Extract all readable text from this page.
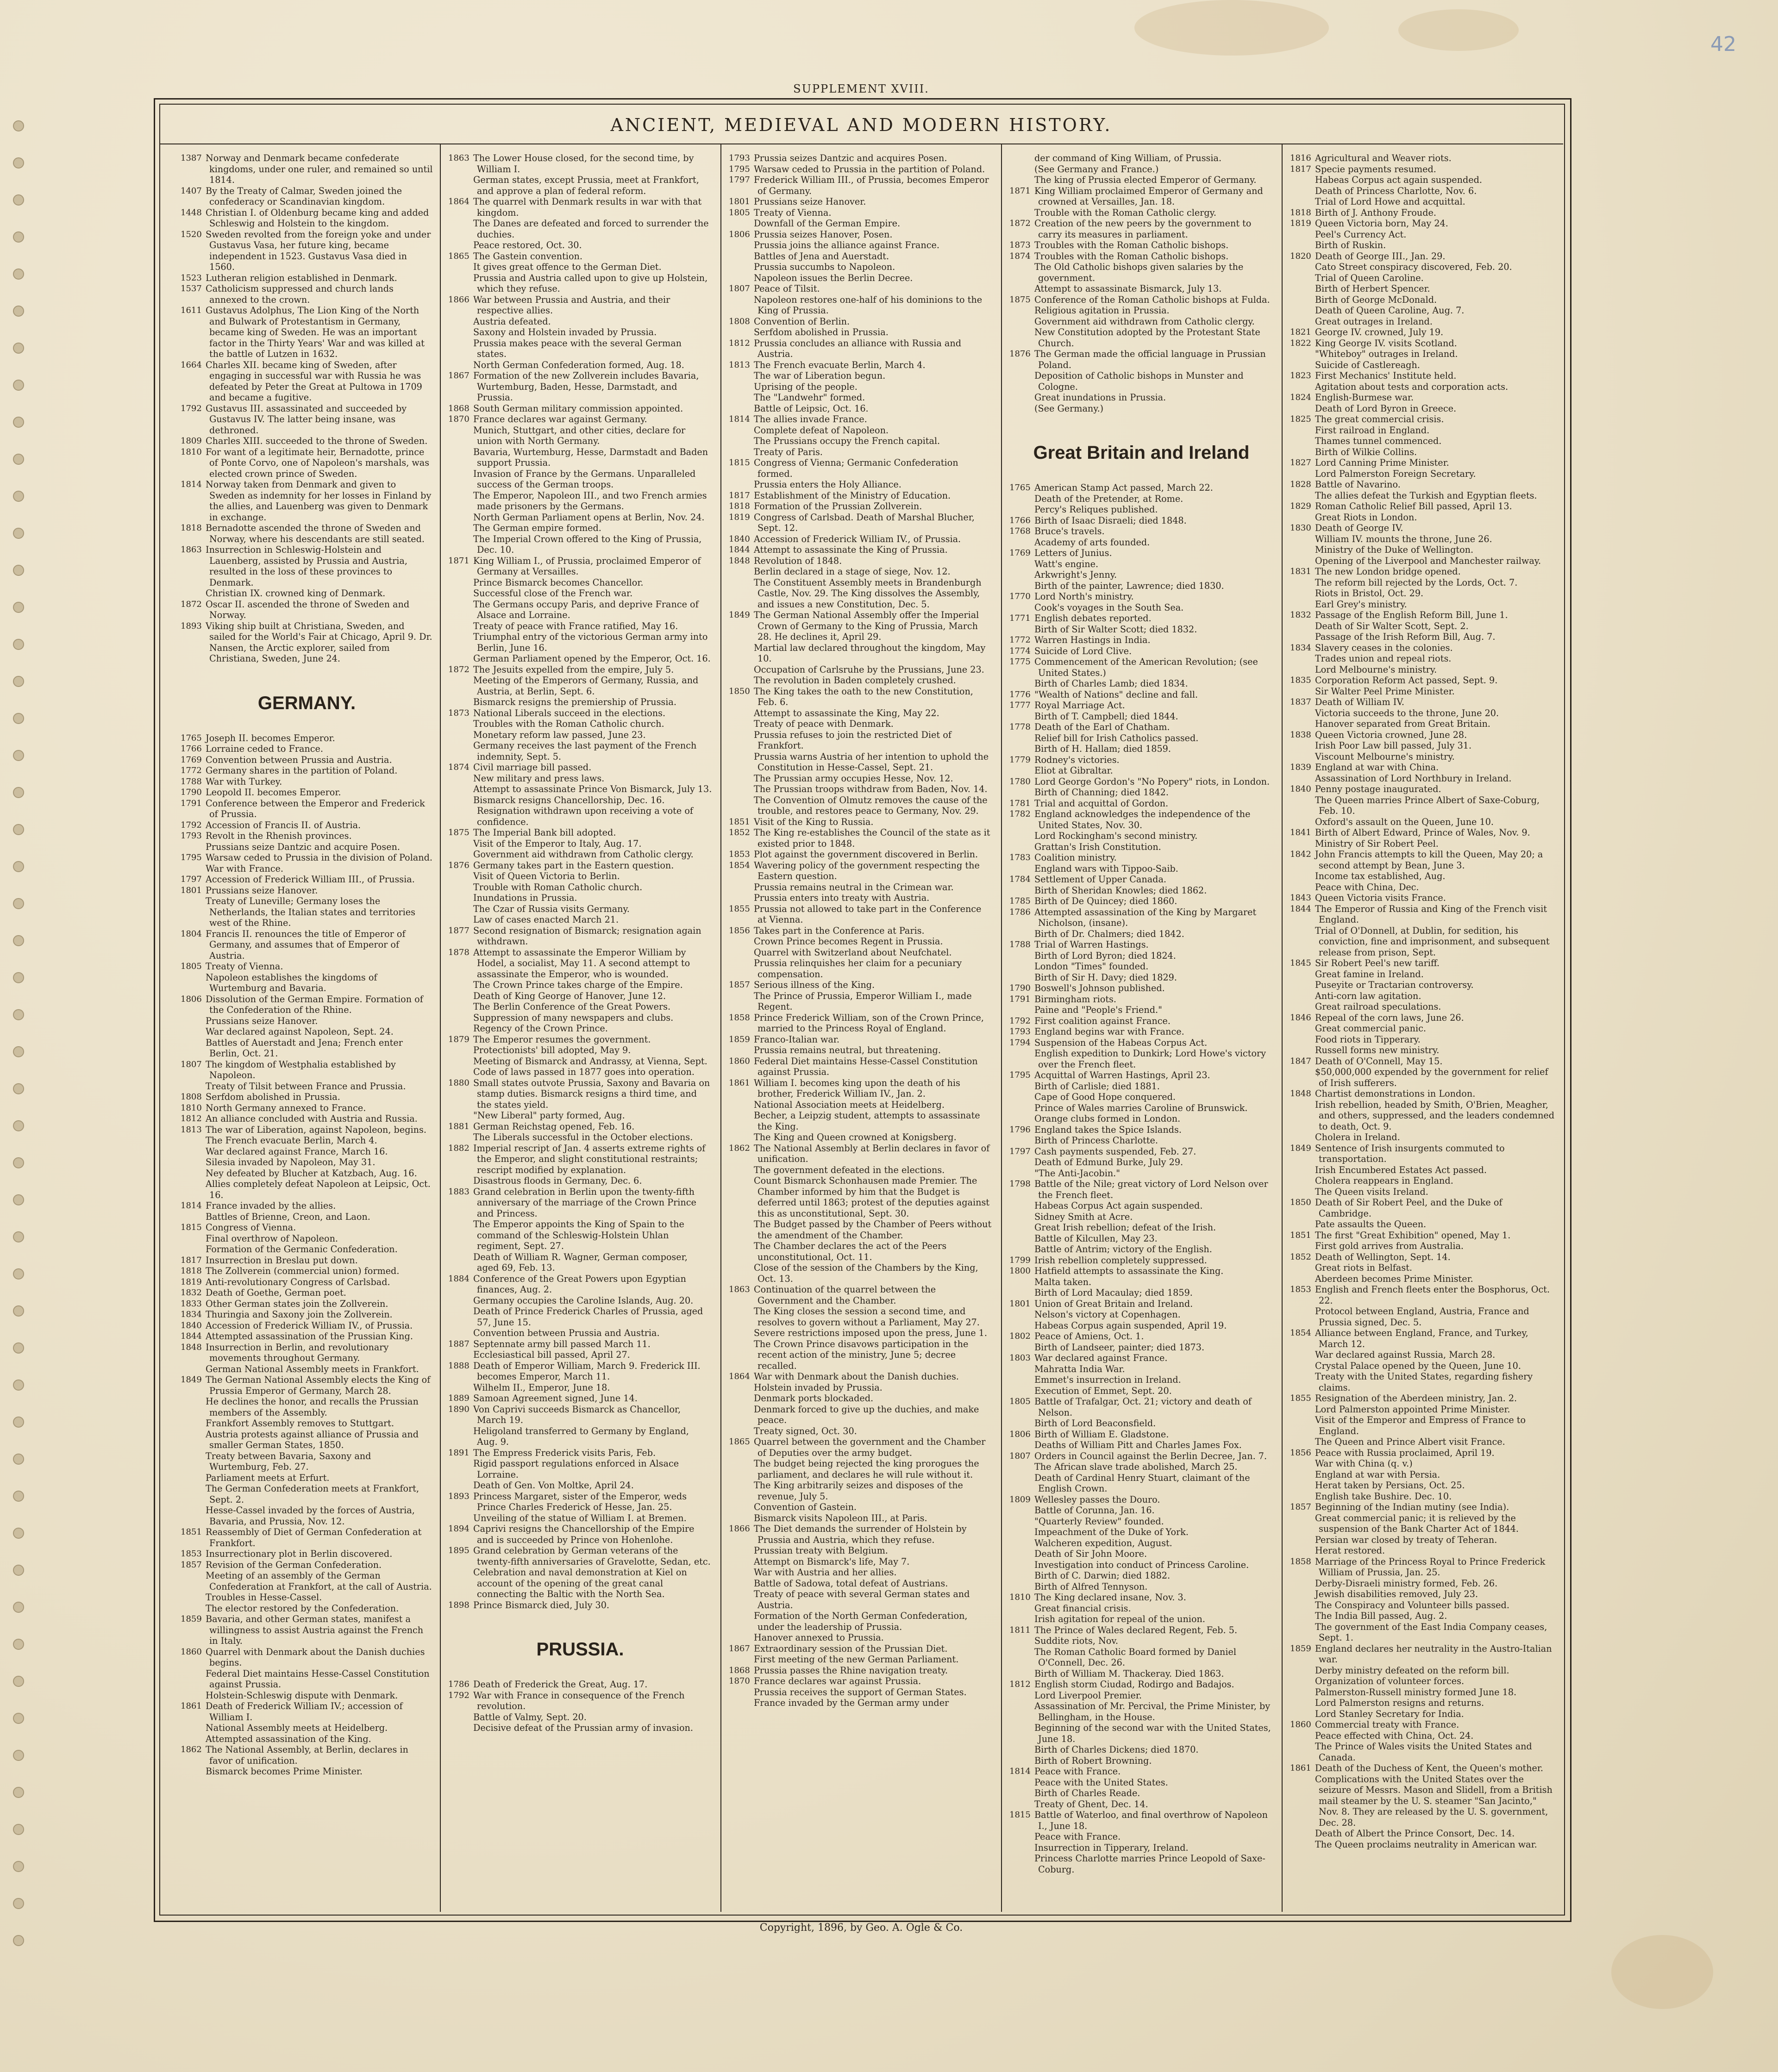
42
SUPPLEMENT XVIII.
ANCIENT, MEDIEVAL AND MODERN HISTORY.
1387 Norway and Denmark became confederate kingdoms, under one ruler, and remained so until 1814.
1407 By the Treaty of Calmar, Sweden joined the confederacy or Scandinavian kingdom.
1448 Christian I. of Oldenburg became king and added Schleswig and Holstein to the kingdom.
1520 Sweden revolted from the foreign yoke and under Gustavus Vasa, her future king, became independent in 1523. Gustavus Vasa died in 1560.
1523 Lutheran religion established in Denmark.
1537 Catholicism suppressed and church lands annexed to the crown.
1611 Gustavus Adolphus, The Lion King of the North and Bulwark of Protestantism in Germany, became king of Sweden. He was an important factor in the Thirty Years' War and was killed at the battle of Lutzen in 1632.
1664 Charles XII. became king of Sweden, after engaging in successful war with Russia he was defeated by Peter the Great at Pultowa in 1709 and became a fugitive.
1792 Gustavus III. assassinated and succeeded by Gustavus IV. The latter being insane, was dethroned.
1809 Charles XIII. succeeded to the throne of Sweden.
1810 For want of a legitimate heir, Bernadotte, prince of Ponte Corvo, one of Napoleon's marshals, was elected crown prince of Sweden.
1814 Norway taken from Denmark and given to Sweden as indemnity for her losses in Finland by the allies, and Lauenberg was given to Denmark in exchange.
1818 Bernadotte ascended the throne of Sweden and Norway, where his descendants are still seated.
1863 Insurrection in Schleswig-Holstein and Lauenberg, assisted by Prussia and Austria, resulted in the loss of these provinces to Denmark.
Christian IX. crowned king of Denmark.
1872 Oscar II. ascended the throne of Sweden and Norway.
1893 Viking ship built at Christiana, Sweden, and sailed for the World's Fair at Chicago, April 9. Dr. Nansen, the Arctic explorer, sailed from Christiana, Sweden, June 24.
GERMANY.
1765 Joseph II. becomes Emperor.
1766 Lorraine ceded to France.
1769 Convention between Prussia and Austria.
1772 Germany shares in the partition of Poland.
1788 War with Turkey.
1790 Leopold II. becomes Emperor.
1791 Conference between the Emperor and Frederick of Prussia.
1792 Accession of Francis II. of Austria.
1793 Revolt in the Rhenish provinces.
Prussians seize Dantzic and acquire Posen.
1795 Warsaw ceded to Prussia in the division of Poland.
War with France.
1797 Accession of Frederick William III., of Prussia.
1801 Prussians seize Hanover.
Treaty of Luneville; Germany loses the Netherlands, the Italian states and territories west of the Rhine.
1804 Francis II. renounces the title of Emperor of Germany, and assumes that of Emperor of Austria.
1805 Treaty of Vienna.
Napoleon establishes the kingdoms of Wurtemburg and Bavaria.
1806 Dissolution of the German Empire. Formation of the Confederation of the Rhine.
Prussians seize Hanover.
War declared against Napoleon, Sept. 24.
Battles of Auerstadt and Jena; French enter Berlin, Oct. 21.
1807 The kingdom of Westphalia established by Napoleon.
Treaty of Tilsit between France and Prussia.
1808 Serfdom abolished in Prussia.
1810 North Germany annexed to France.
1812 An alliance concluded with Austria and Russia.
1813 The war of Liberation, against Napoleon, begins.
The French evacuate Berlin, March 4.
War declared against France, March 16.
Silesia invaded by Napoleon, May 31.
Ney defeated by Blucher at Katzbach, Aug. 16.
Allies completely defeat Napoleon at Leipsic, Oct. 16.
1814 France invaded by the allies.
Battles of Brienne, Creon, and Laon.
1815 Congress of Vienna.
Final overthrow of Napoleon.
Formation of the Germanic Confederation.
1817 Insurrection in Breslau put down.
1818 The Zollverein (commercial union) formed.
1819 Anti-revolutionary Congress of Carlsbad.
1832 Death of Goethe, German poet.
1833 Other German states join the Zollverein.
1834 Thuringia and Saxony join the Zollverein.
1840 Accession of Frederick William IV., of Prussia.
1844 Attempted assassination of the Prussian King.
1848 Insurrection in Berlin, and revolutionary movements throughout Germany.
German National Assembly meets in Frankfort.
1849 The German National Assembly elects the King of Prussia Emperor of Germany, March 28.
He declines the honor, and recalls the Prussian members of the Assembly.
Frankfort Assembly removes to Stuttgart.
Austria protests against alliance of Prussia and smaller German States, 1850.
Treaty between Bavaria, Saxony and Wurtemburg, Feb. 27.
Parliament meets at Erfurt.
The German Confederation meets at Frankfort, Sept. 2.
Hesse-Cassel invaded by the forces of Austria, Bavaria, and Prussia, Nov. 12.
1851 Reassembly of Diet of German Confederation at Frankfort.
1853 Insurrectionary plot in Berlin discovered.
1857 Revision of the German Confederation.
Meeting of an assembly of the German Confederation at Frankfort, at the call of Austria.
Troubles in Hesse-Cassel.
The elector restored by the Confederation.
1859 Bavaria, and other German states, manifest a willingness to assist Austria against the French in Italy.
1860 Quarrel with Denmark about the Danish duchies begins.
Federal Diet maintains Hesse-Cassel Constitution against Prussia.
Holstein-Schleswig dispute with Denmark.
1861 Death of Frederick William IV.; accession of William I.
National Assembly meets at Heidelberg.
Attempted assassination of the King.
1862 The National Assembly, at Berlin, declares in favor of unification.
Bismarck becomes Prime Minister.
1863 The Lower House closed, for the second time, by William I.
German states, except Prussia, meet at Frankfort, and approve a plan of federal reform.
1864 The quarrel with Denmark results in war with that kingdom.
The Danes are defeated and forced to surrender the duchies.
Peace restored, Oct. 30.
1865 The Gastein convention.
It gives great offence to the German Diet.
Prussia and Austria called upon to give up Holstein, which they refuse.
1866 War between Prussia and Austria, and their respective allies.
Austria defeated.
Saxony and Holstein invaded by Prussia.
Prussia makes peace with the several German states.
North German Confederation formed, Aug. 18.
1867 Formation of the new Zollverein includes Bavaria, Wurtemburg, Baden, Hesse, Darmstadt, and Prussia.
1868 South German military commission appointed.
1870 France declares war against Germany.
Munich, Stuttgart, and other cities, declare for union with North Germany.
Bavaria, Wurtemburg, Hesse, Darmstadt and Baden support Prussia.
Invasion of France by the Germans. Unparalleled success of the German troops.
The Emperor, Napoleon III., and two French armies made prisoners by the Germans.
North German Parliament opens at Berlin, Nov. 24.
The German empire formed.
The Imperial Crown offered to the King of Prussia, Dec. 10.
1871 King William I., of Prussia, proclaimed Emperor of Germany at Versailles.
Prince Bismarck becomes Chancellor.
Successful close of the French war.
The Germans occupy Paris, and deprive France of Alsace and Lorraine.
Treaty of peace with France ratified, May 16.
Triumphal entry of the victorious German army into Berlin, June 16.
German Parliament opened by the Emperor, Oct. 16.
1872 The Jesuits expelled from the empire, July 5.
Meeting of the Emperors of Germany, Russia, and Austria, at Berlin, Sept. 6.
Bismarck resigns the premiership of Prussia.
1873 National Liberals succeed in the elections.
Troubles with the Roman Catholic church.
Monetary reform law passed, June 23.
Germany receives the last payment of the French indemnity, Sept. 5.
1874 Civil marriage bill passed.
New military and press laws.
Attempt to assassinate Prince Von Bismarck, July 13.
Bismarck resigns Chancellorship, Dec. 16. Resignation withdrawn upon receiving a vote of confidence.
1875 The Imperial Bank bill adopted.
Visit of the Emperor to Italy, Aug. 17.
Government aid withdrawn from Catholic clergy.
1876 Germany takes part in the Eastern question.
Visit of Queen Victoria to Berlin.
Trouble with Roman Catholic church.
Inundations in Prussia.
The Czar of Russia visits Germany.
Law of cases enacted March 21.
1877 Second resignation of Bismarck; resignation again withdrawn.
1878 Attempt to assassinate the Emperor William by Hodel, a socialist, May 11. A second attempt to assassinate the Emperor, who is wounded.
The Crown Prince takes charge of the Empire.
Death of King George of Hanover, June 12.
The Berlin Conference of the Great Powers.
Suppression of many newspapers and clubs.
Regency of the Crown Prince.
1879 The Emperor resumes the government.
Protectionists' bill adopted, May 9.
Meeting of Bismarck and Andrassy, at Vienna, Sept.
Code of laws passed in 1877 goes into operation.
1880 Small states outvote Prussia, Saxony and Bavaria on stamp duties. Bismarck resigns a third time, and the states yield.
"New Liberal" party formed, Aug.
1881 German Reichstag opened, Feb. 16.
The Liberals successful in the October elections.
1882 Imperial rescript of Jan. 4 asserts extreme rights of the Emperor, and slight constitutional restraints; rescript modified by explanation.
Disastrous floods in Germany, Dec. 6.
1883 Grand celebration in Berlin upon the twenty-fifth anniversary of the marriage of the Crown Prince and Princess.
The Emperor appoints the King of Spain to the command of the Schleswig-Holstein Uhlan regiment, Sept. 27.
Death of William R. Wagner, German composer, aged 69, Feb. 13.
1884 Conference of the Great Powers upon Egyptian finances, Aug. 2.
Germany occupies the Caroline Islands, Aug. 20.
Death of Prince Frederick Charles of Prussia, aged 57, June 15.
Convention between Prussia and Austria.
1887 Septennate army bill passed March 11.
Ecclesiastical bill passed, April 27.
1888 Death of Emperor William, March 9. Frederick III. becomes Emperor, March 11.
Wilhelm II., Emperor, June 18.
1889 Samoan Agreement signed, June 14.
1890 Von Caprivi succeeds Bismarck as Chancellor, March 19.
Heligoland transferred to Germany by England, Aug. 9.
1891 The Empress Frederick visits Paris, Feb.
Rigid passport regulations enforced in Alsace Lorraine.
Death of Gen. Von Moltke, April 24.
1893 Princess Margaret, sister of the Emperor, weds Prince Charles Frederick of Hesse, Jan. 25.
Unveiling of the statue of William I. at Bremen.
1894 Caprivi resigns the Chancellorship of the Empire and is succeeded by Prince von Hohenlohe.
1895 Grand celebration by German veterans of the twenty-fifth anniversaries of Gravelotte, Sedan, etc.
Celebration and naval demonstration at Kiel on account of the opening of the great canal connecting the Baltic with the North Sea.
1898 Prince Bismarck died, July 30.
PRUSSIA.
1786 Death of Frederick the Great, Aug. 17.
1792 War with France in consequence of the French revolution.
Battle of Valmy, Sept. 20.
Decisive defeat of the Prussian army of invasion.
1793 Prussia seizes Dantzic and acquires Posen.
1795 Warsaw ceded to Prussia in the partition of Poland.
1797 Frederick William III., of Prussia, becomes Emperor of Germany.
1801 Prussians seize Hanover.
1805 Treaty of Vienna.
Downfall of the German Empire.
1806 Prussia seizes Hanover, Posen.
Prussia joins the alliance against France.
Battles of Jena and Auerstadt.
Prussia succumbs to Napoleon.
Napoleon issues the Berlin Decree.
1807 Peace of Tilsit.
Napoleon restores one-half of his dominions to the King of Prussia.
1808 Convention of Berlin.
Serfdom abolished in Prussia.
1812 Prussia concludes an alliance with Russia and Austria.
1813 The French evacuate Berlin, March 4.
The war of Liberation begun.
Uprising of the people.
The "Landwehr" formed.
Battle of Leipsic, Oct. 16.
1814 The allies invade France.
Complete defeat of Napoleon.
The Prussians occupy the French capital.
Treaty of Paris.
1815 Congress of Vienna; Germanic Confederation formed.
Prussia enters the Holy Alliance.
1817 Establishment of the Ministry of Education.
1818 Formation of the Prussian Zollverein.
1819 Congress of Carlsbad. Death of Marshal Blucher, Sept. 12.
1840 Accession of Frederick William IV., of Prussia.
1844 Attempt to assassinate the King of Prussia.
1848 Revolution of 1848.
Berlin declared in a stage of siege, Nov. 12.
The Constituent Assembly meets in Brandenburgh Castle, Nov. 29. The King dissolves the Assembly, and issues a new Constitution, Dec. 5.
1849 The German National Assembly offer the Imperial Crown of Germany to the King of Prussia, March 28. He declines it, April 29.
Martial law declared throughout the kingdom, May 10.
Occupation of Carlsruhe by the Prussians, June 23.
The revolution in Baden completely crushed.
1850 The King takes the oath to the new Constitution, Feb. 6.
Attempt to assassinate the King, May 22.
Treaty of peace with Denmark.
Prussia refuses to join the restricted Diet of Frankfort.
Prussia warns Austria of her intention to uphold the Constitution in Hesse-Cassel, Sept. 21.
The Prussian army occupies Hesse, Nov. 12.
The Prussian troops withdraw from Baden, Nov. 14.
The Convention of Olmutz removes the cause of the trouble, and restores peace to Germany, Nov. 29.
1851 Visit of the King to Russia.
1852 The King re-establishes the Council of the state as it existed prior to 1848.
1853 Plot against the government discovered in Berlin.
1854 Wavering policy of the government respecting the Eastern question.
Prussia remains neutral in the Crimean war.
Prussia enters into treaty with Austria.
1855 Prussia not allowed to take part in the Conference at Vienna.
1856 Takes part in the Conference at Paris.
Crown Prince becomes Regent in Prussia.
Quarrel with Switzerland about Neufchatel.
Prussia relinquishes her claim for a pecuniary compensation.
1857 Serious illness of the King.
The Prince of Prussia, Emperor William I., made Regent.
1858 Prince Frederick William, son of the Crown Prince, married to the Princess Royal of England.
1859 Franco-Italian war.
Prussia remains neutral, but threatening.
1860 Federal Diet maintains Hesse-Cassel Constitution against Prussia.
1861 William I. becomes king upon the death of his brother, Frederick William IV., Jan. 2.
National Association meets at Heidelberg.
Becher, a Leipzig student, attempts to assassinate the King.
The King and Queen crowned at Konigsberg.
1862 The National Assembly at Berlin declares in favor of unification.
The government defeated in the elections.
Count Bismarck Schonhausen made Premier. The Chamber informed by him that the Budget is deferred until 1863; protest of the deputies against this as unconstitutional, Sept. 30.
The Budget passed by the Chamber of Peers without the amendment of the Chamber.
The Chamber declares the act of the Peers unconstitutional, Oct. 11.
Close of the session of the Chambers by the King, Oct. 13.
1863 Continuation of the quarrel between the Government and the Chamber.
The King closes the session a second time, and resolves to govern without a Parliament, May 27.
Severe restrictions imposed upon the press, June 1.
The Crown Prince disavows participation in the recent action of the ministry, June 5; decree recalled.
1864 War with Denmark about the Danish duchies.
Holstein invaded by Prussia.
Denmark ports blockaded.
Denmark forced to give up the duchies, and make peace.
Treaty signed, Oct. 30.
1865 Quarrel between the government and the Chamber of Deputies over the army budget.
The budget being rejected the king prorogues the parliament, and declares he will rule without it.
The King arbitrarily seizes and disposes of the revenue, July 5.
Convention of Gastein.
Bismarck visits Napoleon III., at Paris.
1866 The Diet demands the surrender of Holstein by Prussia and Austria, which they refuse.
Prussian treaty with Belgium.
Attempt on Bismarck's life, May 7.
War with Austria and her allies.
Battle of Sadowa, total defeat of Austrians.
Treaty of peace with several German states and Austria.
Formation of the North German Confederation, under the leadership of Prussia.
Hanover annexed to Prussia.
1867 Extraordinary session of the Prussian Diet.
First meeting of the new German Parliament.
1868 Prussia passes the Rhine navigation treaty.
1870 France declares war against Prussia.
Prussia receives the support of German States.
France invaded by the German army under
der command of King William, of Prussia.
(See Germany and France.)
The king of Prussia elected Emperor of Germany.
1871 King William proclaimed Emperor of Germany and crowned at Versailles, Jan. 18.
Trouble with the Roman Catholic clergy.
1872 Creation of the new peers by the government to carry its measures in parliament.
1873 Troubles with the Roman Catholic bishops.
1874 Troubles with the Roman Catholic bishops.
The Old Catholic bishops given salaries by the government.
Attempt to assassinate Bismarck, July 13.
1875 Conference of the Roman Catholic bishops at Fulda.
Religious agitation in Prussia.
Government aid withdrawn from Catholic clergy.
New Constitution adopted by the Protestant State Church.
1876 The German made the official language in Prussian Poland.
Deposition of Catholic bishops in Munster and Cologne.
Great inundations in Prussia.
(See Germany.)
Great Britain and Ireland
1765 American Stamp Act passed, March 22.
Death of the Pretender, at Rome.
Percy's Reliques published.
1766 Birth of Isaac Disraeli; died 1848.
1768 Bruce's travels.
Academy of arts founded.
1769 Letters of Junius.
Watt's engine.
Arkwright's Jenny.
Birth of the painter, Lawrence; died 1830.
1770 Lord North's ministry.
Cook's voyages in the South Sea.
1771 English debates reported.
Birth of Sir Walter Scott; died 1832.
1772 Warren Hastings in India.
1774 Suicide of Lord Clive.
1775 Commencement of the American Revolution; (see United States.)
Birth of Charles Lamb; died 1834.
1776 "Wealth of Nations" decline and fall.
1777 Royal Marriage Act.
Birth of T. Campbell; died 1844.
1778 Death of the Earl of Chatham.
Relief bill for Irish Catholics passed.
Birth of H. Hallam; died 1859.
1779 Rodney's victories.
Eliot at Gibraltar.
1780 Lord George Gordon's "No Popery" riots, in London.
Birth of Channing; died 1842.
1781 Trial and acquittal of Gordon.
1782 England acknowledges the independence of the United States, Nov. 30.
Lord Rockingham's second ministry.
Grattan's Irish Constitution.
1783 Coalition ministry.
England wars with Tippoo-Saib.
1784 Settlement of Upper Canada.
Birth of Sheridan Knowles; died 1862.
1785 Birth of De Quincey; died 1860.
1786 Attempted assassination of the King by Margaret Nicholson, (insane).
Birth of Dr. Chalmers; died 1842.
1788 Trial of Warren Hastings.
Birth of Lord Byron; died 1824.
London "Times" founded.
Birth of Sir H. Davy; died 1829.
1790 Boswell's Johnson published.
1791 Birmingham riots.
Paine and "People's Friend."
1792 First coalition against France.
1793 England begins war with France.
1794 Suspension of the Habeas Corpus Act.
English expedition to Dunkirk; Lord Howe's victory over the French fleet.
1795 Acquittal of Warren Hastings, April 23.
Birth of Carlisle; died 1881.
Cape of Good Hope conquered.
Prince of Wales marries Caroline of Brunswick.
Orange clubs formed in London.
1796 England takes the Spice Islands.
Birth of Princess Charlotte.
1797 Cash payments suspended, Feb. 27.
Death of Edmund Burke, July 29.
"The Anti-Jacobin."
1798 Battle of the Nile; great victory of Lord Nelson over the French fleet.
Habeas Corpus Act again suspended.
Sidney Smith at Acre.
Great Irish rebellion; defeat of the Irish.
Battle of Kilcullen, May 23.
Battle of Antrim; victory of the English.
1799 Irish rebellion completely suppressed.
1800 Hatfield attempts to assassinate the King.
Malta taken.
Birth of Lord Macaulay; died 1859.
1801 Union of Great Britain and Ireland.
Nelson's victory at Copenhagen.
Habeas Corpus again suspended, April 19.
1802 Peace of Amiens, Oct. 1.
Birth of Landseer, painter; died 1873.
1803 War declared against France.
Mahratta India War.
Emmet's insurrection in Ireland.
Execution of Emmet, Sept. 20.
1805 Battle of Trafalgar, Oct. 21; victory and death of Nelson.
Birth of Lord Beaconsfield.
1806 Birth of William E. Gladstone.
Deaths of William Pitt and Charles James Fox.
1807 Orders in Council against the Berlin Decree, Jan. 7.
The African slave trade abolished, March 25.
Death of Cardinal Henry Stuart, claimant of the English Crown.
1809 Wellesley passes the Douro.
Battle of Corunna, Jan. 16.
"Quarterly Review" founded.
Impeachment of the Duke of York.
Walcheren expedition, August.
Death of Sir John Moore.
Investigation into conduct of Princess Caroline.
Birth of C. Darwin; died 1882.
Birth of Alfred Tennyson.
1810 The King declared insane, Nov. 3.
Great financial crisis.
Irish agitation for repeal of the union.
1811 The Prince of Wales declared Regent, Feb. 5.
Suddite riots, Nov.
The Roman Catholic Board formed by Daniel O'Connell, Dec. 26.
Birth of William M. Thackeray. Died 1863.
1812 English storm Ciudad, Rodirgo and Badajos.
Lord Liverpool Premier.
Assassination of Mr. Percival, the Prime Minister, by Bellingham, in the House.
Beginning of the second war with the United States, June 18.
Birth of Charles Dickens; died 1870.
Birth of Robert Browning.
1814 Peace with France.
Peace with the United States.
Birth of Charles Reade.
Treaty of Ghent, Dec. 14.
1815 Battle of Waterloo, and final overthrow of Napoleon I., June 18.
Peace with France.
Insurrection in Tipperary, Ireland.
Princess Charlotte marries Prince Leopold of Saxe-Coburg.
1816 Agricultural and Weaver riots.
1817 Specie payments resumed.
Habeas Corpus act again suspended.
Death of Princess Charlotte, Nov. 6.
Trial of Lord Howe and acquittal.
1818 Birth of J. Anthony Froude.
1819 Queen Victoria born, May 24.
Peel's Currency Act.
Birth of Ruskin.
1820 Death of George III., Jan. 29.
Cato Street conspiracy discovered, Feb. 20.
Trial of Queen Caroline.
Birth of Herbert Spencer.
Birth of George McDonald.
Death of Queen Caroline, Aug. 7.
Great outrages in Ireland.
1821 George IV. crowned, July 19.
1822 King George IV. visits Scotland.
"Whiteboy" outrages in Ireland.
Suicide of Castlereagh.
1823 First Mechanics' Institute held.
Agitation about tests and corporation acts.
1824 English-Burmese war.
Death of Lord Byron in Greece.
1825 The great commercial crisis.
First railroad in England.
Thames tunnel commenced.
Birth of Wilkie Collins.
1827 Lord Canning Prime Minister.
Lord Palmerston Foreign Secretary.
1828 Battle of Navarino.
The allies defeat the Turkish and Egyptian fleets.
1829 Roman Catholic Relief Bill passed, April 13.
Great Riots in London.
1830 Death of George IV.
William IV. mounts the throne, June 26.
Ministry of the Duke of Wellington.
Opening of the Liverpool and Manchester railway.
1831 The new London bridge opened.
The reform bill rejected by the Lords, Oct. 7.
Riots in Bristol, Oct. 29.
Earl Grey's ministry.
1832 Passage of the English Reform Bill, June 1.
Death of Sir Walter Scott, Sept. 2.
Passage of the Irish Reform Bill, Aug. 7.
1834 Slavery ceases in the colonies.
Trades union and repeal riots.
Lord Melbourne's ministry.
1835 Corporation Reform Act passed, Sept. 9.
Sir Walter Peel Prime Minister.
1837 Death of William IV.
Victoria succeeds to the throne, June 20.
Hanover separated from Great Britain.
1838 Queen Victoria crowned, June 28.
Irish Poor Law bill passed, July 31.
Viscount Melbourne's ministry.
1839 England at war with China.
Assassination of Lord Northbury in Ireland.
1840 Penny postage inaugurated.
The Queen marries Prince Albert of Saxe-Coburg, Feb. 10.
Oxford's assault on the Queen, June 10.
1841 Birth of Albert Edward, Prince of Wales, Nov. 9.
Ministry of Sir Robert Peel.
1842 John Francis attempts to kill the Queen, May 20; a second attempt by Bean, June 3.
Income tax established, Aug.
Peace with China, Dec.
1843 Queen Victoria visits France.
1844 The Emperor of Russia and King of the French visit England.
Trial of O'Donnell, at Dublin, for sedition, his conviction, fine and imprisonment, and subsequent release from prison, Sept.
1845 Sir Robert Peel's new tariff.
Great famine in Ireland.
Puseyite or Tractarian controversy.
Anti-corn law agitation.
Great railroad speculations.
1846 Repeal of the corn laws, June 26.
Great commercial panic.
Food riots in Tipperary.
Russell forms new ministry.
1847 Death of O'Connell, May 15.
$50,000,000 expended by the government for relief of Irish sufferers.
1848 Chartist demonstrations in London.
Irish rebellion, headed by Smith, O'Brien, Meagher, and others, suppressed, and the leaders condemned to death, Oct. 9.
Cholera in Ireland.
1849 Sentence of Irish insurgents commuted to transportation.
Irish Encumbered Estates Act passed.
Cholera reappears in England.
The Queen visits Ireland.
1850 Death of Sir Robert Peel, and the Duke of Cambridge.
Pate assaults the Queen.
1851 The first "Great Exhibition" opened, May 1.
First gold arrives from Australia.
1852 Death of Wellington, Sept. 14.
Great riots in Belfast.
Aberdeen becomes Prime Minister.
1853 English and French fleets enter the Bosphorus, Oct. 22.
Protocol between England, Austria, France and Prussia signed, Dec. 5.
1854 Alliance between England, France, and Turkey, March 12.
War declared against Russia, March 28.
Crystal Palace opened by the Queen, June 10.
Treaty with the United States, regarding fishery claims.
1855 Resignation of the Aberdeen ministry, Jan. 2.
Lord Palmerston appointed Prime Minister.
Visit of the Emperor and Empress of France to England.
The Queen and Prince Albert visit France.
1856 Peace with Russia proclaimed, April 19.
War with China (q. v.)
England at war with Persia.
Herat taken by Persians, Oct. 25.
English take Bushire. Dec. 10.
1857 Beginning of the Indian mutiny (see India).
Great commercial panic; it is relieved by the suspension of the Bank Charter Act of 1844.
Persian war closed by treaty of Teheran.
Herat restored.
1858 Marriage of the Princess Royal to Prince Frederick William of Prussia, Jan. 25.
Derby-Disraeli ministry formed, Feb. 26.
Jewish disabilities removed, July 23.
The Conspiracy and Volunteer bills passed.
The India Bill passed, Aug. 2.
The government of the East India Company ceases, Sept. 1.
1859 England declares her neutrality in the Austro-Italian war.
Derby ministry defeated on the reform bill.
Organization of volunteer forces.
Palmerston-Russell ministry formed June 18.
Lord Palmerston resigns and returns.
Lord Stanley Secretary for India.
1860 Commercial treaty with France.
Peace effected with China, Oct. 24.
The Prince of Wales visits the United States and Canada.
1861 Death of the Duchess of Kent, the Queen's mother.
Complications with the United States over the seizure of Messrs. Mason and Slidell, from a British mail steamer by the U. S. steamer "San Jacinto," Nov. 8. They are released by the U. S. government, Dec. 28.
Death of Albert the Prince Consort, Dec. 14.
The Queen proclaims neutrality in American war.
Copyright, 1896, by Geo. A. Ogle & Co.
